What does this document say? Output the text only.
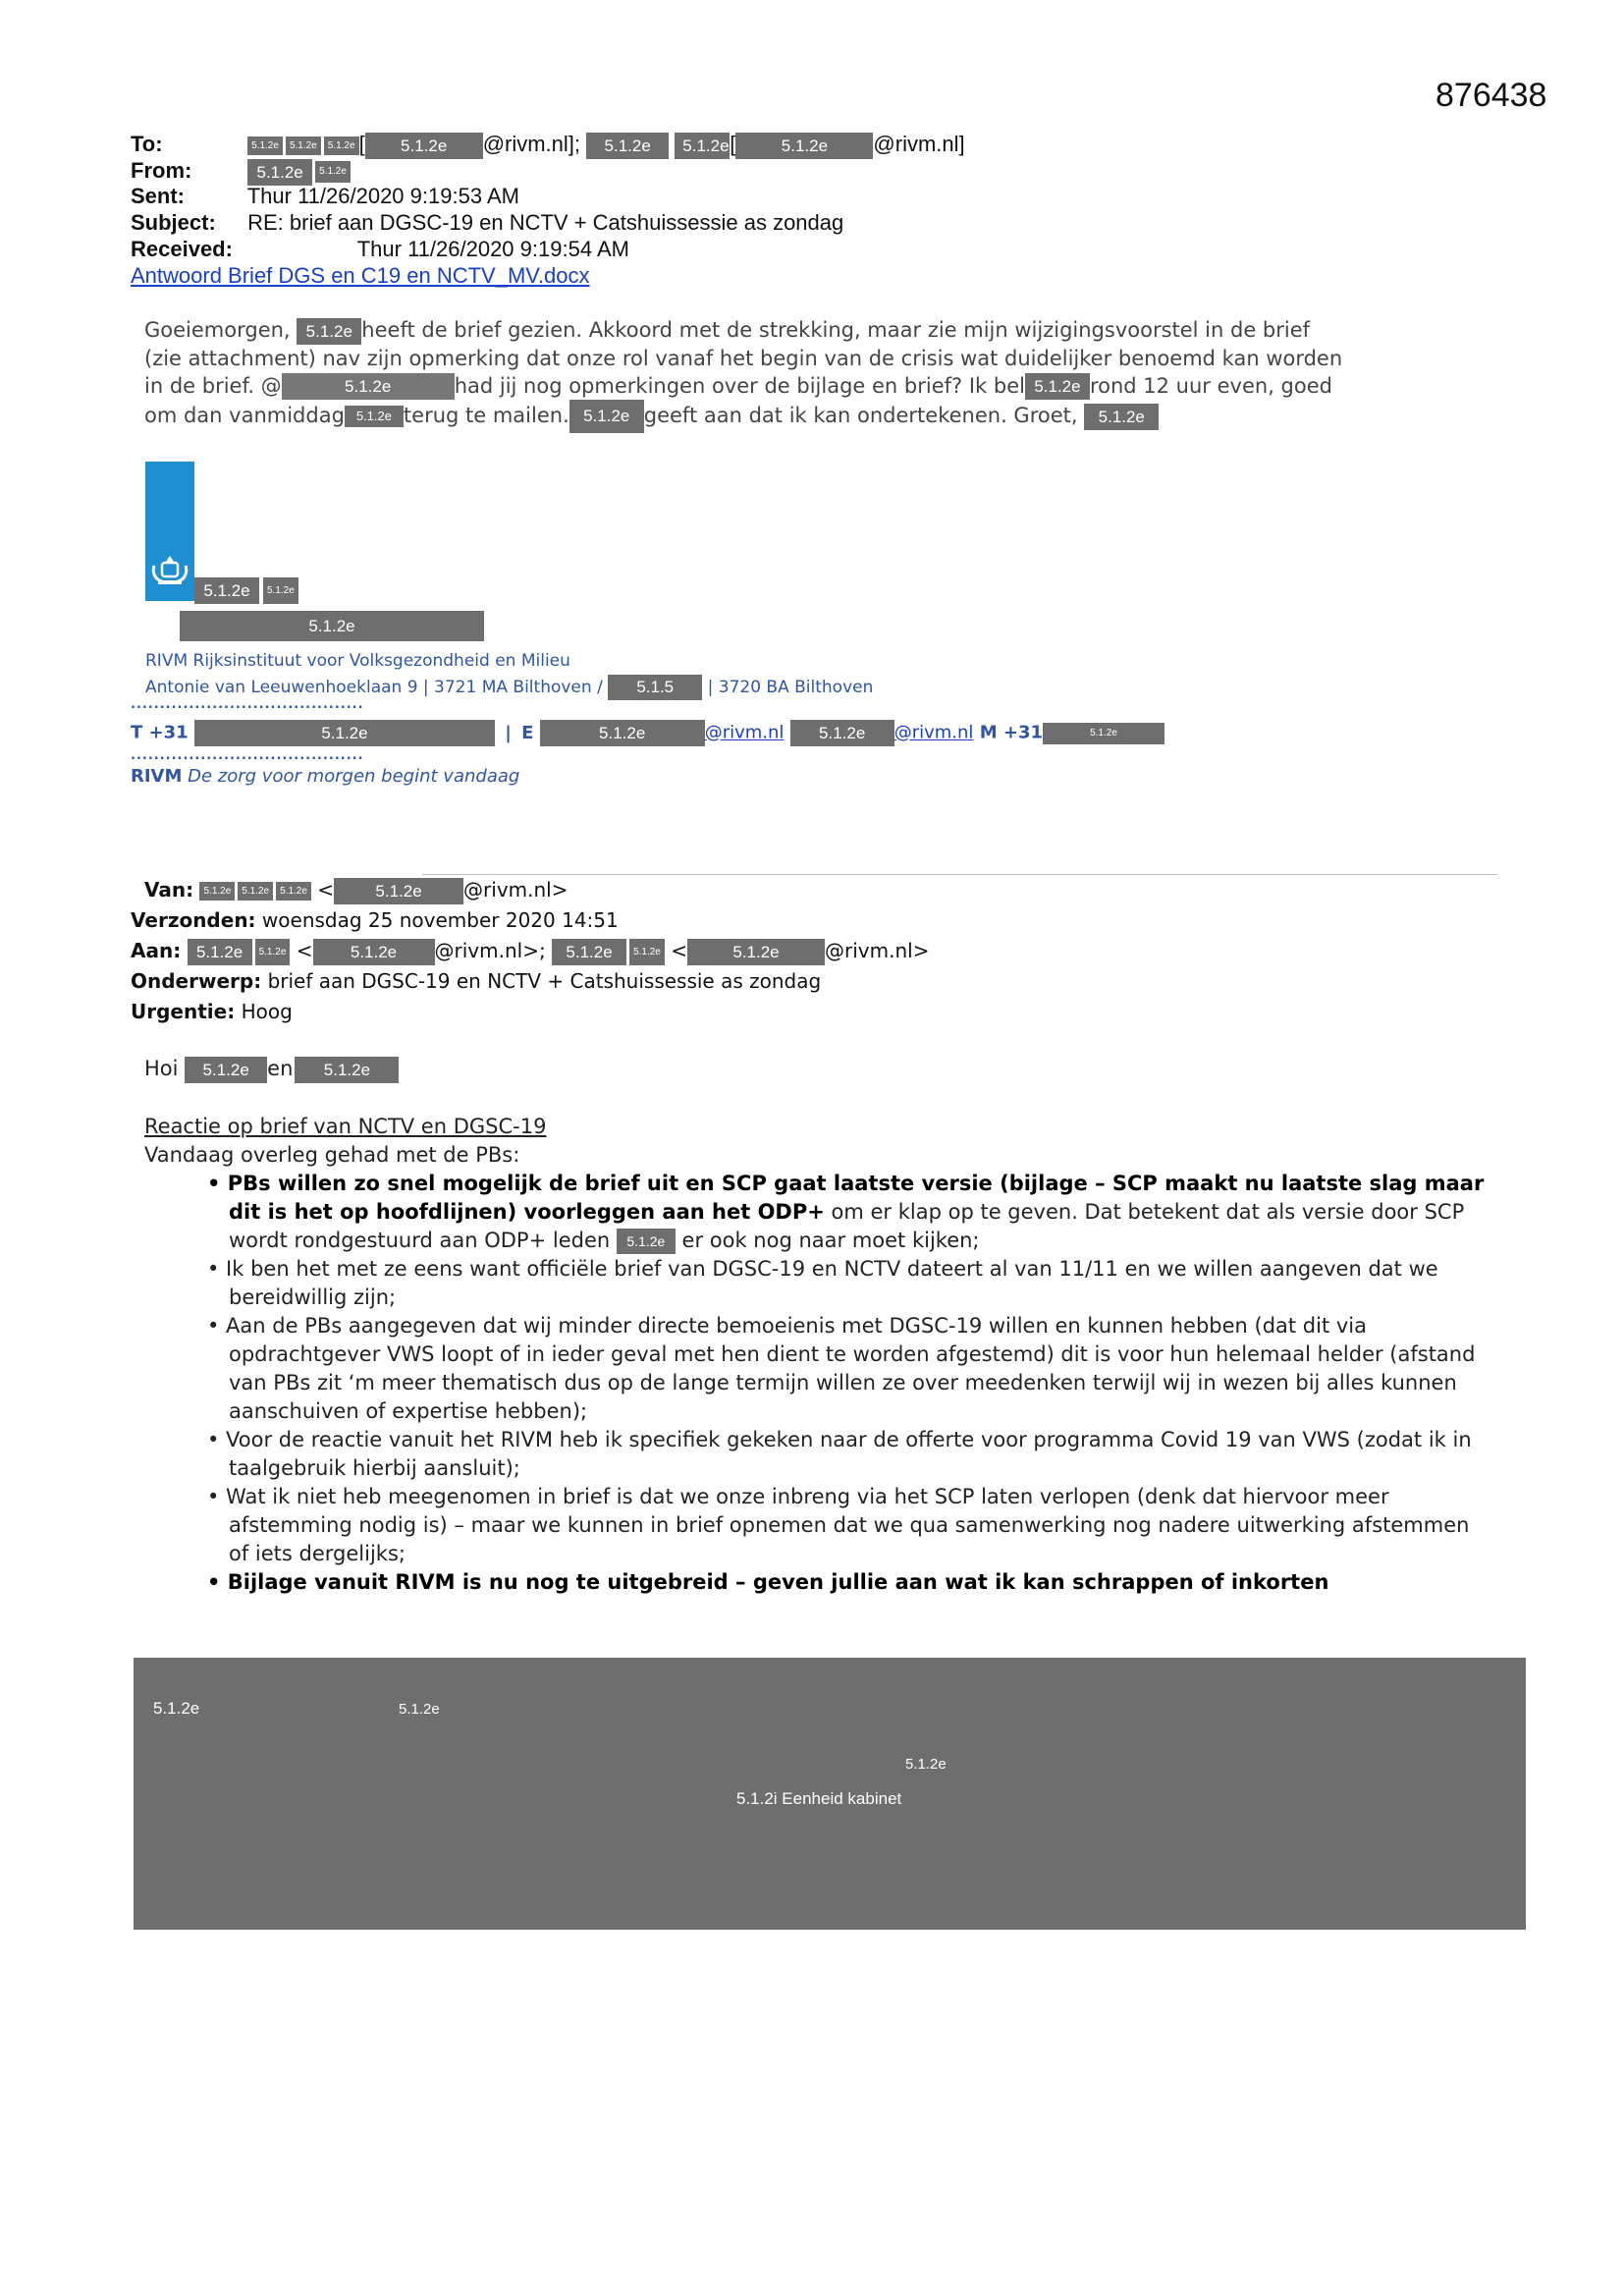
876438
To:	5.1.2e 5.1.2e 5.1.2e [ 5.1.2e @rivm.nl]; 5.1.2e 5.1.2e[	5.1.2e @rivm.nl]
From:	5.1.2e 5.1.2e
Sent:	Thur 11/26/2020 9:19:53 AM
Subject: RE: brief aan DGSC-19 en NCTV + Catshuissessie as zondag
Received:	Thur 11/26/2020 9:19:54 AM
Antwoord Brief DGS en C19 en NCTV_MV.docx
Goeiemorgen, 5.1.2e heeft de brief gezien. Akkoord met de strekking, maar zie mijn wijzigingsvoorstel in de brief
(zie attachment) nav zijn opmerking dat onze rol vanaf het begin van de crisis wat duidelijker benoemd kan worden
in de brief. @	5.1.2e	had jij nog opmerkingen over de bijlage en brief? Ik bel 5.1.2e rond 12 uur even, goed
om dan vanmiddag 5.1.2e terug te mailen. 5.1.2e geeft aan dat ik kan ondertekenen. Groet, 5.1.2e
5.1.2e 5.1.2e
5.1.2e
RIVM Rijksinstituut voor Volksgezondheid en Milieu
Antonie van Leeuwenhoeklaan 9 | 3721 MA Bilthoven / 5.1.5 | 3720 BA Bilthoven
........................................
T +31	5.1.2e	| E	5.1.2e	@rivm.nl 5.1.2e @rivm.nl M +31	5.1.2e
........................................
RIVM De zorg voor morgen begint vandaag
Van: 5.1.2e 5.1.2e 5.1.2e < 5.1.2e @rivm.nl>
Verzonden: woensdag 25 november 2020 14:51
Aan: 5.1.2e 5.1.2e < 5.1.2e @rivm.nl>; 5.1.2e 5.1.2e <	5.1.2e @rivm.nl>
Onderwerp: brief aan DGSC-19 en NCTV + Catshuissessie as zondag
Urgentie: Hoog
Hoi 5.1.2e en 5.1.2e
Reactie op brief van NCTV en DGSC-19
Vandaag overleg gehad met de PBs:

• PBs willen zo snel mogelijk de brief uit en SCP gaat laatste versie (bijlage – SCP maakt nu laatste slag maar dit is het op hoofdlijnen) voorleggen aan het ODP+ om er klap op te geven. Dat betekent dat als versie door SCP wordt rondgestuurd aan ODP+ leden 5.1.2e er ook nog naar moet kijken;

• Ik ben het met ze eens want officiële brief van DGSC-19 en NCTV dateert al van 11/11 en we willen aangeven dat we bereidwillig zijn;

• Aan de PBs aangegeven dat wij minder directe bemoeienis met DGSC-19 willen en kunnen hebben (dat dit via opdrachtgever VWS loopt of in ieder geval met hen dient te worden afgestemd) dit is voor hun helemaal helder (afstand van PBs zit ‘m meer thematisch dus op de lange termijn willen ze over meedenken terwijl wij in wezen bij alles kunnen aanschuiven of expertise hebben);

• Voor de reactie vanuit het RIVM heb ik specifiek gekeken naar de offerte voor programma Covid 19 van VWS (zodat ik in taalgebruik hierbij aansluit);

• Wat ik niet heb meegenomen in brief is dat we onze inbreng via het SCP laten verlopen (denk dat hiervoor meer afstemming nodig is) – maar we kunnen in brief opnemen dat we qua samenwerking nog nadere uitwerking afstemmen of iets dergelijks;

• Bijlage vanuit RIVM is nu nog te uitgebreid – geven jullie aan wat ik kan schrappen of inkorten

5.1.2e	5.1.2e
5.1.2e
5.1.2i Eenheid kabinet
